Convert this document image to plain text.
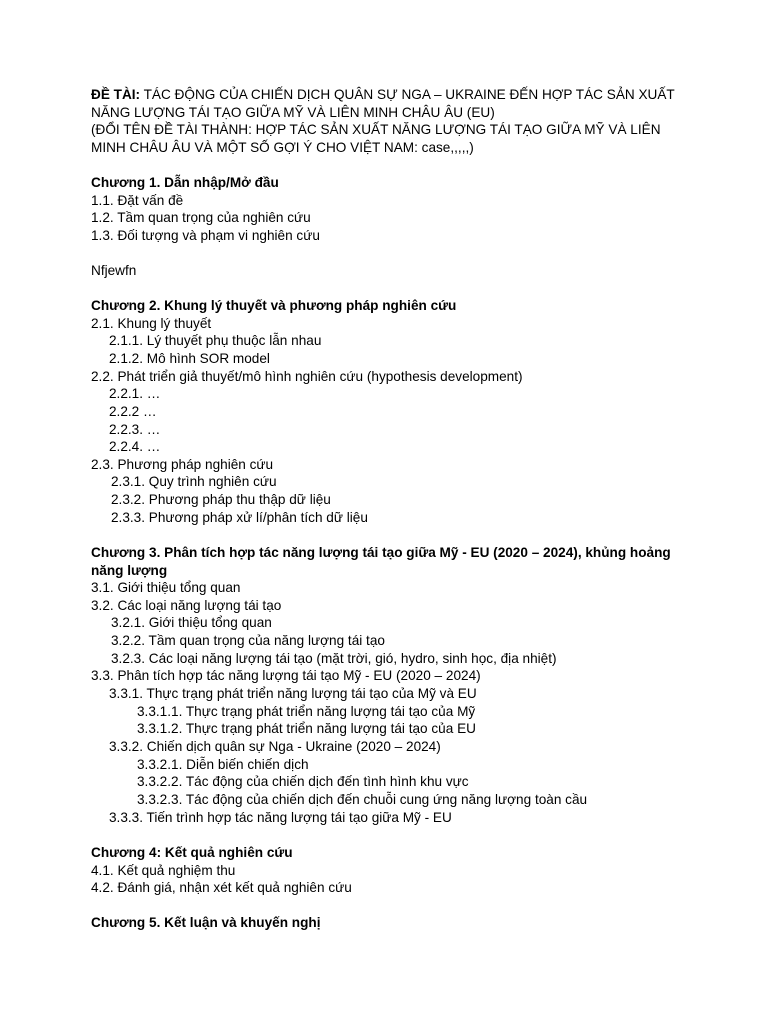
ĐỀ TÀI: TÁC ĐỘNG CỦA CHIẾN DỊCH QUÂN SỰ NGA – UKRAINE ĐẾN HỢP TÁC SẢN XUẤT NĂNG LƯỢNG TÁI TẠO GIỮA MỸ VÀ LIÊN MINH CHÂU ÂU (EU)
(ĐỔI TÊN ĐỀ TÀI THÀNH: HỢP TÁC SẢN XUẤT NĂNG LƯỢNG TÁI TẠO GIỮA MỸ VÀ LIÊN MINH CHÂU ÂU VÀ MỘT SỐ GỢI Ý CHO VIỆT NAM: case,,,,,)
Chương 1. Dẫn nhập/Mở đầu
1.1. Đặt vấn đề
1.2. Tầm quan trọng của nghiên cứu
1.3. Đối tượng và phạm vi nghiên cứu
Nfjewfn
Chương 2. Khung lý thuyết và phương pháp nghiên cứu
2.1. Khung lý thuyết
2.1.1. Lý thuyết phụ thuộc lẫn nhau
2.1.2. Mô hình SOR model
2.2. Phát triển giả thuyết/mô hình nghiên cứu (hypothesis development)
2.2.1. …
2.2.2 …
2.2.3. …
2.2.4. …
2.3. Phương pháp nghiên cứu
2.3.1. Quy trình nghiên cứu
2.3.2. Phương pháp thu thập dữ liệu
2.3.3. Phương pháp xử lí/phân tích dữ liệu
Chương 3. Phân tích hợp tác năng lượng tái tạo giữa Mỹ - EU (2020 – 2024), khủng hoảng năng lượng
3.1. Giới thiệu tổng quan
3.2. Các loại năng lượng tái tạo
3.2.1. Giới thiệu tổng quan
3.2.2. Tầm quan trọng của năng lượng tái tạo
3.2.3. Các loại năng lượng tái tạo (mặt trời, gió, hydro, sinh học, địa nhiệt)
3.3. Phân tích hợp tác năng lượng tái tạo Mỹ - EU (2020 – 2024)
3.3.1. Thực trạng phát triển năng lượng tái tạo của Mỹ và EU
3.3.1.1. Thực trạng phát triển năng lượng tái tạo của Mỹ
3.3.1.2. Thực trạng phát triển năng lượng tái tạo của EU
3.3.2. Chiến dịch quân sự Nga - Ukraine (2020 – 2024)
3.3.2.1. Diễn biến chiến dịch
3.3.2.2. Tác động của chiến dịch đến tình hình khu vực
3.3.2.3. Tác động của chiến dịch đến chuỗi cung ứng năng lượng toàn cầu
3.3.3. Tiến trình hợp tác năng lượng tái tạo giữa Mỹ - EU
Chương 4: Kết quả nghiên cứu
4.1. Kết quả nghiệm thu
4.2. Đánh giá, nhận xét kết quả nghiên cứu
Chương 5. Kết luận và khuyến nghị
